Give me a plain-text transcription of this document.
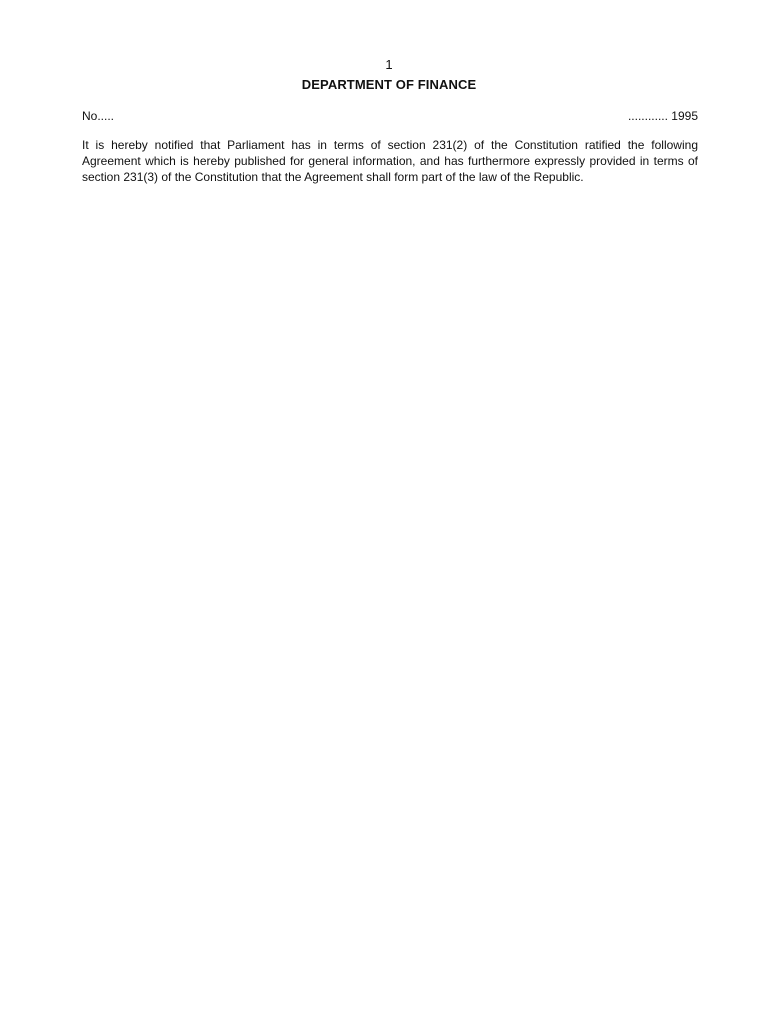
1
DEPARTMENT OF FINANCE
No.....	............ 1995

It is hereby notified that Parliament has in terms of section 231(2) of the Constitution ratified the following Agreement which is hereby published for general information, and has furthermore expressly provided in terms of section 231(3) of the Constitution that the Agreement shall form part of the law of the Republic.
